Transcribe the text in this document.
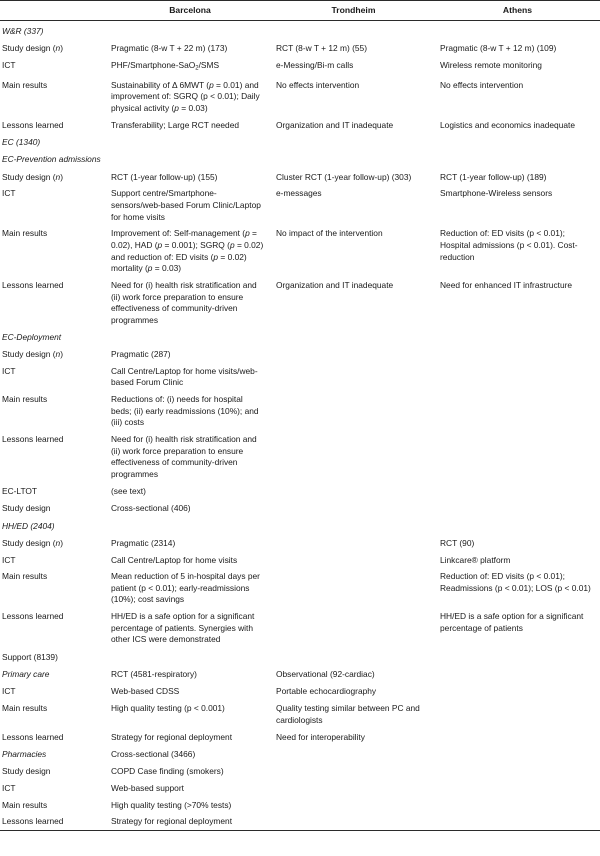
	Barcelona	Trondheim	Athens
W&R (337)			
Study design (n)	Pragmatic (8-w T + 22 m) (173)	RCT (8-w T + 12 m) (55)	Pragmatic (8-w T + 12 m) (109)
ICT	PHF/Smartphone-SaO$_2$/SMS	e-Messing/Bi-m calls	Wireless remote monitoring
Main results	Sustainability of Δ 6MWT (p = 0.01) and improvement of: SGRQ (p < 0.01); Daily physical activity (p = 0.03)	No effects intervention	No effects intervention
Lessons learned	Transferability; Large RCT needed	Organization and IT inadequate	Logistics and economics inadequate
EC (1340)			
EC-Prevention admissions			
Study design (n)	RCT (1-year follow-up) (155)	Cluster RCT (1-year follow-up) (303)	RCT (1-year follow-up) (189)
ICT	Support centre/Smartphone-sensors/web-based Forum Clinic/Laptop for home visits	e-messages	Smartphone-Wireless sensors
Main results	Improvement of: Self-management (p = 0.02), HAD (p = 0.001); SGRQ (p = 0.02) and reduction of: ED visits (p = 0.02) mortality (p = 0.03)	No impact of the intervention	Reduction of: ED visits (p < 0.01); Hospital admissions (p < 0.01). Cost-reduction
Lessons learned	Need for (i) health risk stratification and (ii) work force preparation to ensure effectiveness of community-driven programmes	Organization and IT inadequate	Need for enhanced IT infrastructure
EC-Deployment			
Study design (n)	Pragmatic (287)		
ICT	Call Centre/Laptop for home visits/web-based Forum Clinic		
Main results	Reductions of: (i) needs for hospital beds; (ii) early readmissions (10%); and (iii) costs		
Lessons learned	Need for (i) health risk stratification and (ii) work force preparation to ensure effectiveness of community-driven programmes		
EC-LTOT	(see text)		
Study design	Cross-sectional (406)		
HH/ED (2404)			
Study design (n)	Pragmatic (2314)		RCT (90)
ICT	Call Centre/Laptop for home visits		Linkcare® platform
Main results	Mean reduction of 5 in-hospital days per patient (p < 0.01); early-readmissions (10%); cost savings		Reduction of: ED visits (p < 0.01); Readmissions (p < 0.01); LOS (p < 0.01)
Lessons learned	HH/ED is a safe option for a significant percentage of patients. Synergies with other ICS were demonstrated		HH/ED is a safe option for a significant percentage of patients
Support (8139)			
Primary care	RCT (4581-respiratory)	Observational (92-cardiac)	
ICT	Web-based CDSS	Portable echocardiography	
Main results	High quality testing (p < 0.001)	Quality testing similar between PC and cardiologists	
Lessons learned	Strategy for regional deployment	Need for interoperability	
Pharmacies	Cross-sectional (3466)		
Study design	COPD Case finding (smokers)		
ICT	Web-based support		
Main results	High quality testing (>70% tests)		
Lessons learned	Strategy for regional deployment		
